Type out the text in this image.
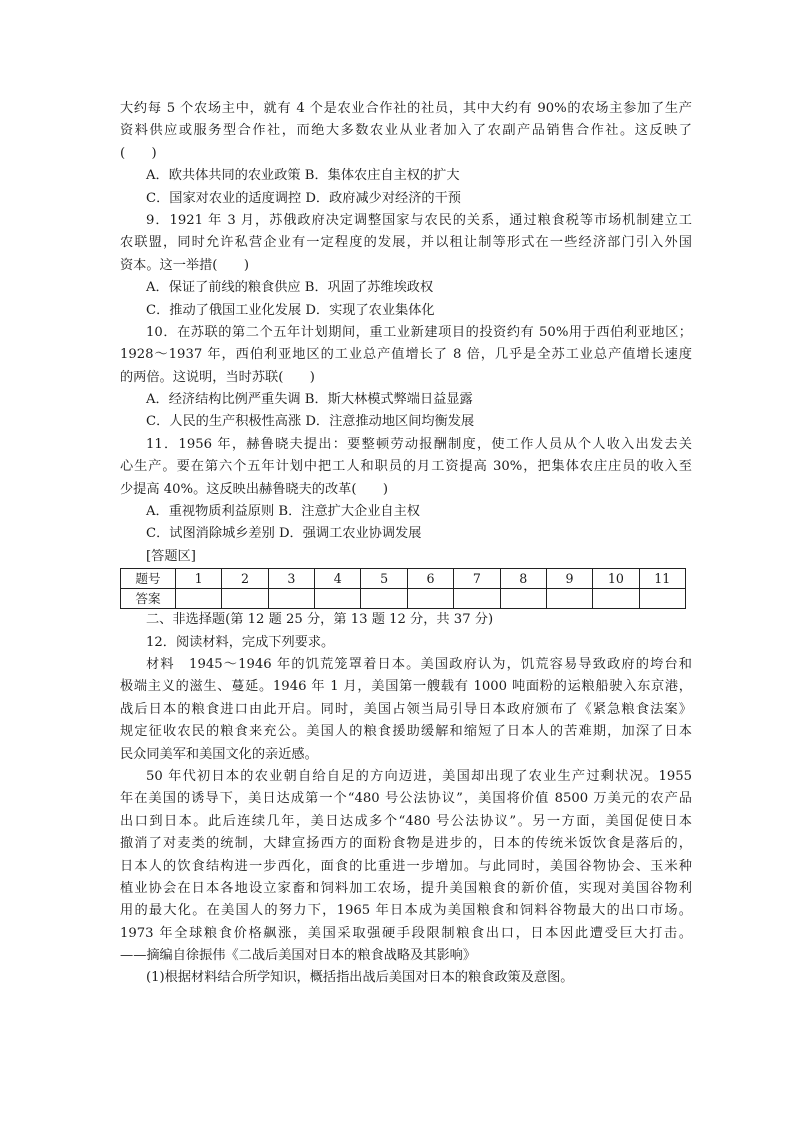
大约每 5 个农场主中，就有 4 个是农业合作社的社员，其中大约有 90%的农场主参加了生产
资料供应或服务型合作社，而绝大多数农业从业者加入了农副产品销售合作社。这反映了
(　　)
A．欧共体共同的农业政策 B．集体农庄自主权的扩大
C．国家对农业的适度调控 D．政府减少对经济的干预
9．1921 年 3 月，苏俄政府决定调整国家与农民的关系，通过粮食税等市场机制建立工
农联盟，同时允许私营企业有一定程度的发展，并以租让制等形式在一些经济部门引入外国
资本。这一举措(　　)
A．保证了前线的粮食供应 B．巩固了苏维埃政权
C．推动了俄国工业化发展 D．实现了农业集体化
10．在苏联的第二个五年计划期间，重工业新建项目的投资约有 50%用于西伯利亚地区；
1928～1937 年，西伯利亚地区的工业总产值增长了 8 倍，几乎是全苏工业总产值增长速度
的两倍。这说明，当时苏联(　　)
A．经济结构比例严重失调 B．斯大林模式弊端日益显露
C．人民的生产积极性高涨 D．注意推动地区间均衡发展
11．1956 年，赫鲁晓夫提出：要整顿劳动报酬制度，使工作人员从个人收入出发去关
心生产。要在第六个五年计划中把工人和职员的月工资提高 30%，把集体农庄庄员的收入至
少提高 40%。这反映出赫鲁晓夫的改革(　　)
A．重视物质利益原则 B．注意扩大企业自主权
C．试图消除城乡差别 D．强调工农业协调发展
[答题区]
题号	1	2	3	4	5	6	7	8	9	10	11
答案											
二、非选择题(第 12 题 25 分，第 13 题 12 分，共 37 分)
12．阅读材料，完成下列要求。
材料　1945～1946 年的饥荒笼罩着日本。美国政府认为，饥荒容易导致政府的垮台和
极端主义的滋生、蔓延。1946 年 1 月，美国第一艘载有 1000 吨面粉的运粮船驶入东京港，
战后日本的粮食进口由此开启。同时，美国占领当局引导日本政府颁布了《紧急粮食法案》
规定征收农民的粮食来充公。美国人的粮食援助缓解和缩短了日本人的苦难期，加深了日本
民众同美军和美国文化的亲近感。
50 年代初日本的农业朝自给自足的方向迈进，美国却出现了农业生产过剩状况。1955
年在美国的诱导下，美日达成第一个“480 号公法协议”，美国将价值 8500 万美元的农产品
出口到日本。此后连续几年，美日达成多个“480 号公法协议”。另一方面，美国促使日本
撤消了对麦类的统制，大肆宣扬西方的面粉食物是进步的，日本的传统米饭饮食是落后的，
日本人的饮食结构进一步西化，面食的比重进一步增加。与此同时，美国谷物协会、玉米种
植业协会在日本各地设立家畜和饲料加工农场，提升美国粮食的新价值，实现对美国谷物利
用的最大化。在美国人的努力下，1965 年日本成为美国粮食和饲料谷物最大的出口市场。
1973 年全球粮食价格飙涨，美国采取强硬手段限制粮食出口，日本因此遭受巨大打击。
——摘编自徐振伟《二战后美国对日本的粮食战略及其影响》
(1)根据材料结合所学知识，概括指出战后美国对日本的粮食政策及意图。
